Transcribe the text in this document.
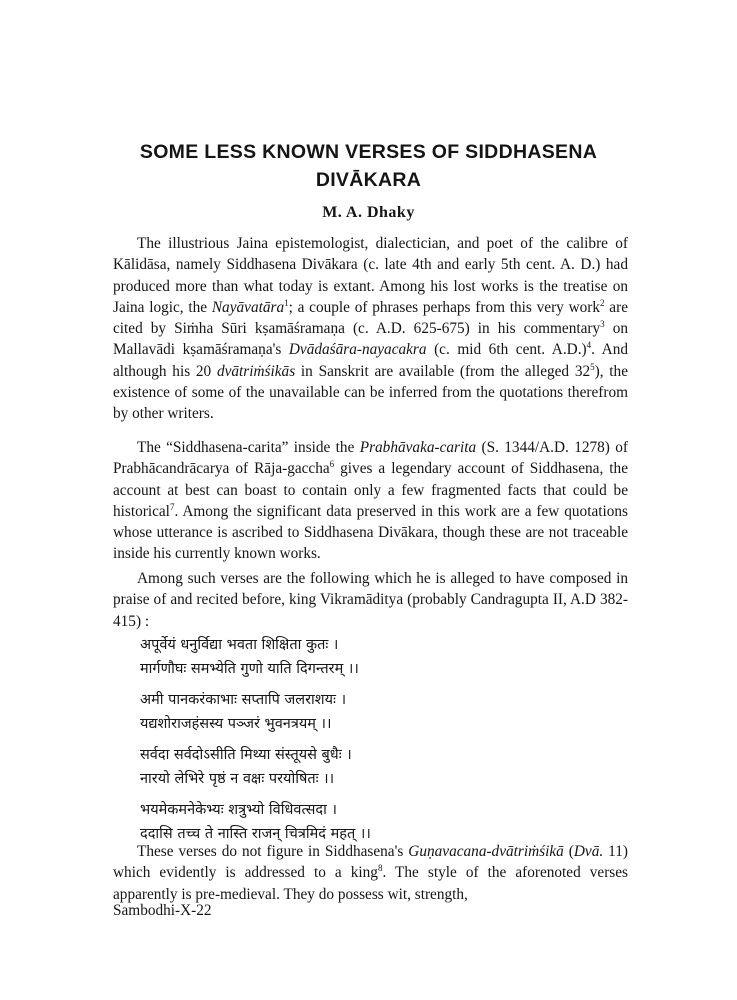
SOME LESS KNOWN VERSES OF SIDDHASENA
DIVĀKARA
M. A. Dhaky

The illustrious Jaina epistemologist, dialectician, and poet of the calibre of Kālidāsa, namely Siddhasena Divākara (c. late 4th and early 5th cent. A. D.) had produced more than what today is extant. Among his lost works is the treatise on Jaina logic, the Nayāvatāra$^1$; a couple of phrases perhaps from this very work$^2$ are cited by Siṁha Sūri kṣamāśramaṇa (c. A.D. 625-675) in his commentary$^3$ on Mallavādi kṣamāśramaṇa's Dvādaśāra-nayacakra (c. mid 6th cent. A.D.)$^4$. And although his 20 dvātriṁśikās in Sanskrit are available (from the alleged $32^5$), the existence of some of the unavailable can be inferred from the quotations therefrom by other writers.

The “Siddhasena-carita” inside the Prabhāvaka-carita (S. 1344/A.D. 1278) of Prabhācandrācarya of Rāja-gaccha$^6$ gives a legendary account of Siddhasena, the account at best can boast to contain only a few fragmented facts that could be historical$^7$. Among the significant data preserved in this work are a few quotations whose utterance is ascribed to Siddhasena Divākara, though these are not traceable inside his currently known works.

Among such verses are the following which he is alleged to have composed in praise of and recited before, king Vikramāditya (probably Candragupta II, A.D 382-415) :

अपूर्वेयं धनुर्विद्या भवता शिक्षिता कुतः ।
मार्गणौघः समभ्येति गुणो याति दिगन्तरम् ।।
अमी पानकरंकाभाः सप्तापि जलराशयः ।
यद्यशोराजहंसस्य पञ्जरं भुवनत्रयम् ।।
सर्वदा सर्वदोऽसीति मिथ्या संस्तूयसे बुधैः ।
नारयो लेभिरे पृष्ठं न वक्षः परयोषितः ।।
भयमेकमनेकेभ्यः शत्रुभ्यो विधिवत्सदा ।
ददासि तच्च ते नास्ति राजन् चित्रमिदं महत् ।।

These verses do not figure in Siddhasena's Guṇavacana-dvātriṁśikā (Dvā. 11) which evidently is addressed to a king$^8$. The style of the aforenoted verses apparently is pre-medieval. They do possess wit, strength,

Sambodhi-X-22
